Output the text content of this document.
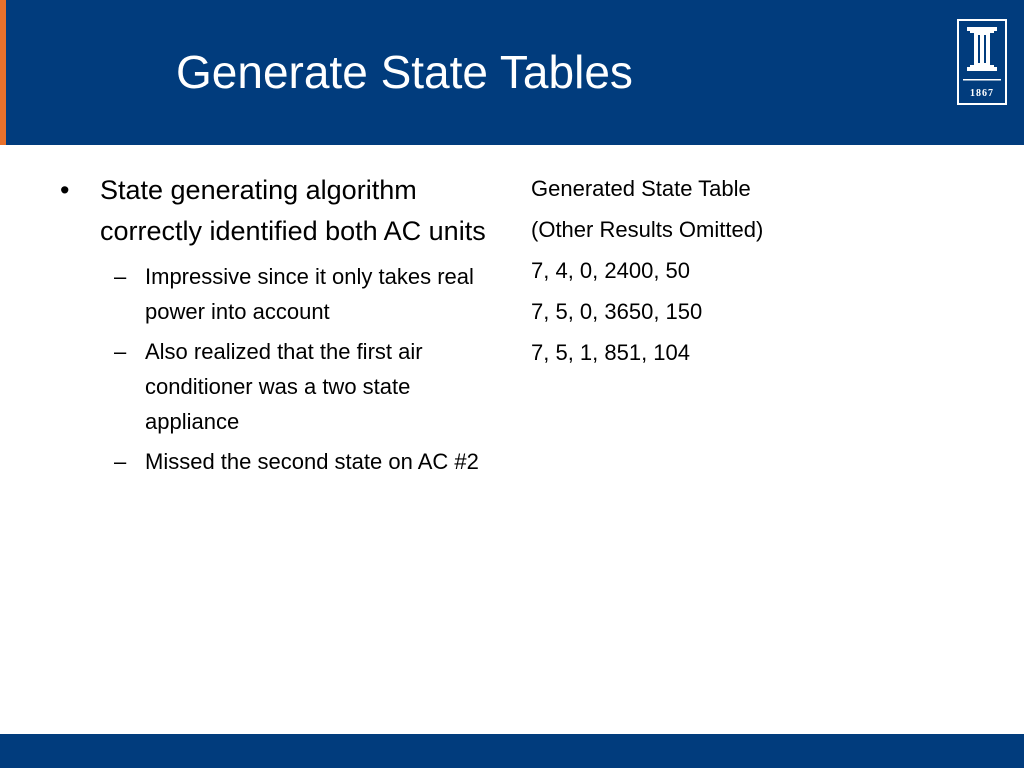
Generate State Tables	1867
• State generating algorithm correctly identified both AC units
– Impressive since it only takes real power into account
– Also realized that the first air conditioner was a two state appliance
– Missed the second state on AC #2
Generated State Table
(Other Results Omitted)
7, 4, 0, 2400, 50
7, 5, 0, 3650, 150
7, 5, 1, 851, 104
